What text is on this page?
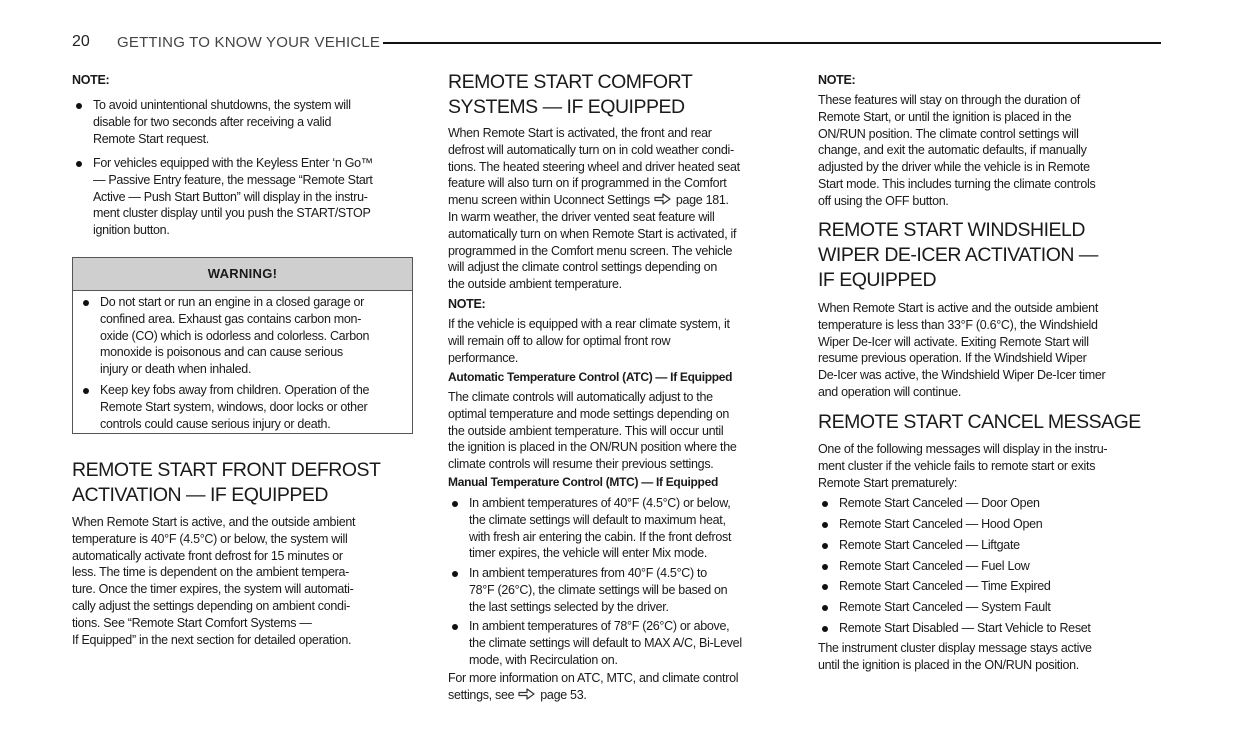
20 GETTING TO KNOW YOUR VEHICLE
WARNING!
Do not start or run an engine in a closed garage or
confined area. Exhaust gas contains carbon mon-
oxide (CO) which is odorless and colorless. Carbon
monoxide is poisonous and can cause serious
injury or death when inhaled.
Keep key fobs away from children. Operation of the
Remote Start system, windows, door locks or other
controls could cause serious injury or death.
NOTE:
To avoid unintentional shutdowns, the system will
disable for two seconds after receiving a valid
Remote Start request.
For vehicles equipped with the Keyless Enter ‘n Go™
— Passive Entry feature, the message “Remote Start
Active — Push Start Button” will display in the instru-
ment cluster display until you push the START/STOP
ignition button.
REMOTE START FRONT DEFROST
ACTIVATION — IF EQUIPPED
When Remote Start is active, and the outside ambient
temperature is 40°F (4.5°C) or below, the system will
automatically activate front defrost for 15 minutes or
less. The time is dependent on the ambient tempera-
ture. Once the timer expires, the system will automati-
cally adjust the settings depending on ambient condi-
tions. See “Remote Start Comfort Systems —
If Equipped” in the next section for detailed operation.
REMOTE START COMFORT
SYSTEMS — IF EQUIPPED
When Remote Start is activated, the front and rear
defrost will automatically turn on in cold weather condi-
tions. The heated steering wheel and driver heated seat
feature will also turn on if programmed in the Comfort
menu screen within Uconnect Settings page 181.
In warm weather, the driver vented seat feature will
automatically turn on when Remote Start is activated, if
programmed in the Comfort menu screen. The vehicle
will adjust the climate control settings depending on
the outside ambient temperature.
NOTE:
If the vehicle is equipped with a rear climate system, it
will remain off to allow for optimal front row
performance.
Automatic Temperature Control (ATC) — If Equipped
The climate controls will automatically adjust to the
optimal temperature and mode settings depending on
the outside ambient temperature. This will occur until
the ignition is placed in the ON/RUN position where the
climate controls will resume their previous settings.
Manual Temperature Control (MTC) — If Equipped
In ambient temperatures of 40°F (4.5°C) or below,
the climate settings will default to maximum heat,
with fresh air entering the cabin. If the front defrost
timer expires, the vehicle will enter Mix mode.
In ambient temperatures from 40°F (4.5°C) to
78°F (26°C), the climate settings will be based on
the last settings selected by the driver.
In ambient temperatures of 78°F (26°C) or above,
the climate settings will default to MAX A/C, Bi-Level
mode, with Recirculation on.
For more information on ATC, MTC, and climate control
settings, see page 53.
NOTE:
These features will stay on through the duration of
Remote Start, or until the ignition is placed in the
ON/RUN position. The climate control settings will
change, and exit the automatic defaults, if manually
adjusted by the driver while the vehicle is in Remote
Start mode. This includes turning the climate controls
off using the OFF button.
REMOTE START WINDSHIELD
WIPER DE-ICER ACTIVATION —
IF EQUIPPED
When Remote Start is active and the outside ambient
temperature is less than 33°F (0.6°C), the Windshield
Wiper De-Icer will activate. Exiting Remote Start will
resume previous operation. If the Windshield Wiper
De-Icer was active, the Windshield Wiper De-Icer timer
and operation will continue.
REMOTE START CANCEL MESSAGE
One of the following messages will display in the instru-
ment cluster if the vehicle fails to remote start or exits
Remote Start prematurely:
Remote Start Canceled — Door Open
Remote Start Canceled — Hood Open
Remote Start Canceled — Liftgate
Remote Start Canceled — Fuel Low
Remote Start Canceled — Time Expired
Remote Start Canceled — System Fault
Remote Start Disabled — Start Vehicle to Reset
The instrument cluster display message stays active
until the ignition is placed in the ON/RUN position.
